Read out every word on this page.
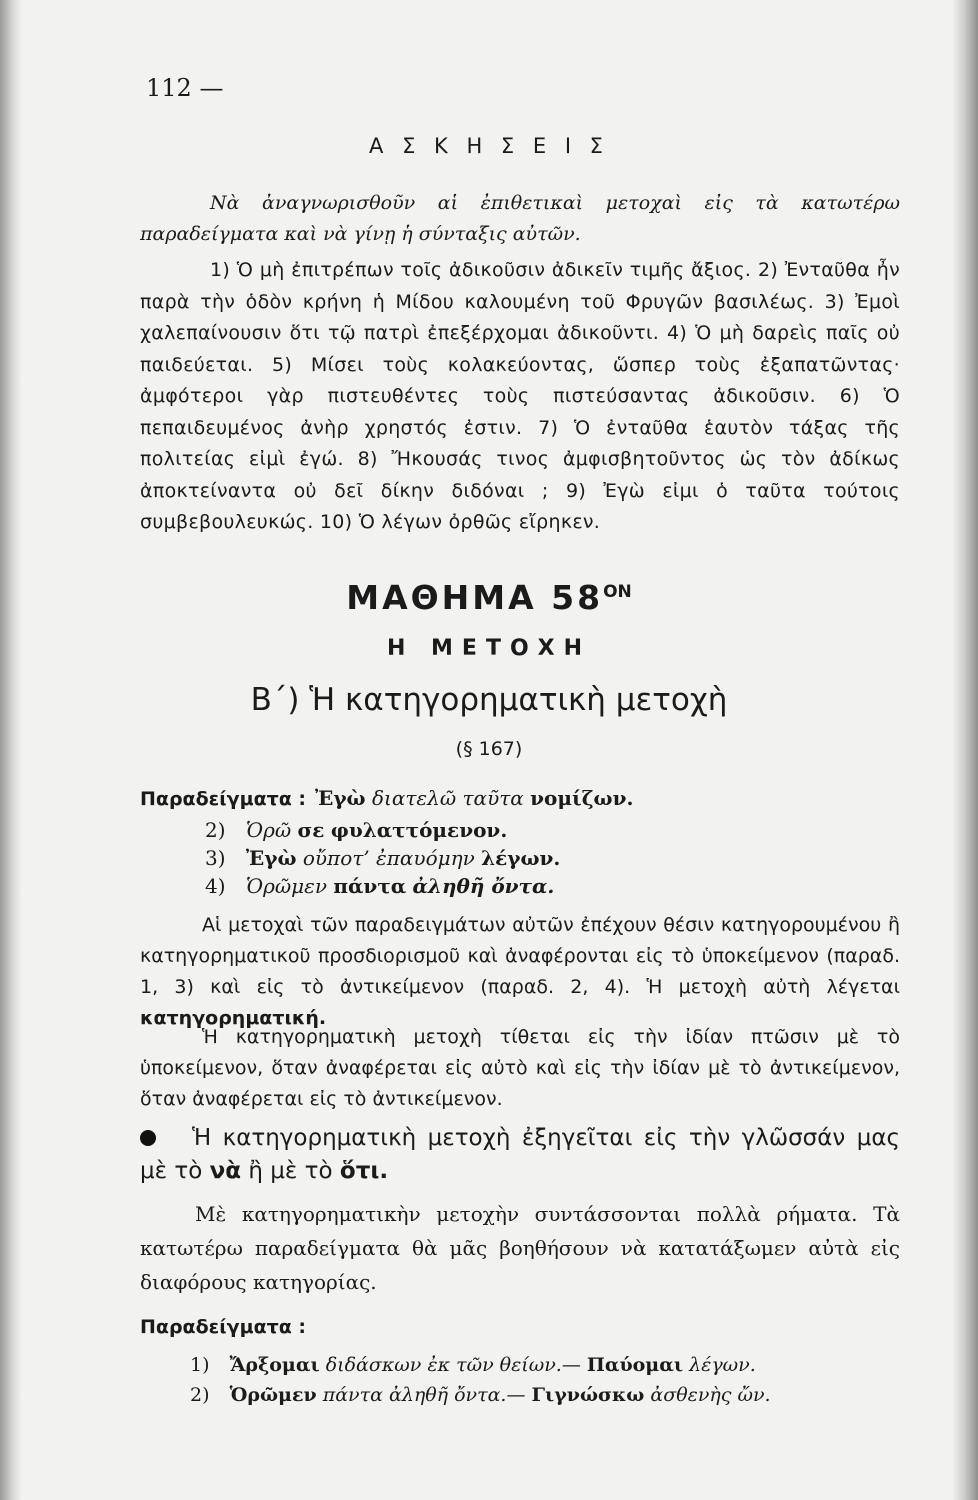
112 —
Α Σ Κ Η Σ Ε Ι Σ
Νὰ ἀναγνωρισθοῦν αἱ ἐπιθετικαὶ μετοχαὶ εἰς τὰ κατωτέρω παραδείγματα καὶ νὰ γίνῃ ἡ σύνταξις αὐτῶν.
1) Ὁ μὴ ἐπιτρέπων τοῖς ἀδικοῦσιν ἀδικεῖν τιμῆς ἄξιος. 2) Ἐνταῦθα ἦν παρὰ τὴν ὁδὸν κρήνη ἡ Μίδου καλουμένη τοῦ Φρυγῶν βασιλέως. 3) Ἐμοὶ χαλεπαίνουσιν ὅτι τῷ πατρὶ ἐπεξέρχομαι ἀδικοῦντι. 4) Ὁ μὴ δαρεὶς παῖς οὐ παιδεύεται. 5) Μίσει τοὺς κολακεύοντας, ὥσπερ τοὺς ἐξαπατῶντας· ἀμφότεροι γὰρ πιστευθέντες τοὺς πιστεύσαντας ἀδικοῦσιν. 6) Ὁ πεπαιδευμένος ἀνὴρ χρηστός ἐστιν. 7) Ὁ ἐνταῦθα ἑαυτὸν τάξας τῆς πολιτείας εἰμὶ ἐγώ. 8) Ἤκουσάς τινος ἀμφισβητοῦντος ὡς τὸν ἀδίκως ἀποκτείναντα οὐ δεῖ δίκην διδόναι ; 9) Ἐγὼ εἰμι ὁ ταῦτα τούτοις συμβεβουλευκώς. 10) Ὁ λέγων ὀρθῶς εἴρηκεν.
ΜΑΘΗΜΑ $58^{ON}$
Η ΜΕΤΟΧΗ
Β΄) Ἡ κατηγορηματικὴ μετοχὴ
(§ 167)
Παραδείγματα : Ἐγὼ διατελῶ ταῦτα νομίζων.
2) Ὁρῶ σε φυλαττόμενον.
3) Ἐγὼ οὔποτ’ ἐπαυόμην λέγων.
4) Ὁρῶμεν πάντα ἀληθῆ ὄντα.
Αἱ μετοχαὶ τῶν παραδειγμάτων αὐτῶν ἐπέχουν θέσιν κατηγορουμένου ἢ κατηγορηματικοῦ προσδιορισμοῦ καὶ ἀναφέρονται εἰς τὸ ὑποκείμενον (παραδ. 1, 3) καὶ εἰς τὸ ἀντικείμενον (παραδ. 2, 4). Ἡ μετοχὴ αὐτὴ λέγεται κατηγορηματική.
Ἡ κατηγορηματικὴ μετοχὴ τίθεται εἰς τὴν ἰδίαν πτῶσιν μὲ τὸ ὑποκείμενον, ὅταν ἀναφέρεται εἰς αὐτὸ καὶ εἰς τὴν ἰδίαν μὲ τὸ ἀντικείμενον, ὅταν ἀναφέρεται εἰς τὸ ἀντικείμενον.
Ἡ κατηγορηματικὴ μετοχὴ ἐξηγεῖται εἰς τὴν γλῶσσάν μας μὲ τὸ νὰ ἢ μὲ τὸ ὅτι.
Μὲ κατηγορηματικὴν μετοχὴν συντάσσονται πολλὰ ρήματα. Τὰ κατωτέρω παραδείγματα θὰ μᾶς βοηθήσουν νὰ κατατάξωμεν αὐτὰ εἰς διαφόρους κατηγορίας.
Παραδείγματα :
1) Ἄρξομαι διδάσκων ἐκ τῶν θείων.— Παύομαι λέγων.
2) Ὁρῶμεν πάντα ἀληθῆ ὄντα.— Γιγνώσκω ἀσθενὴς ὤν.
